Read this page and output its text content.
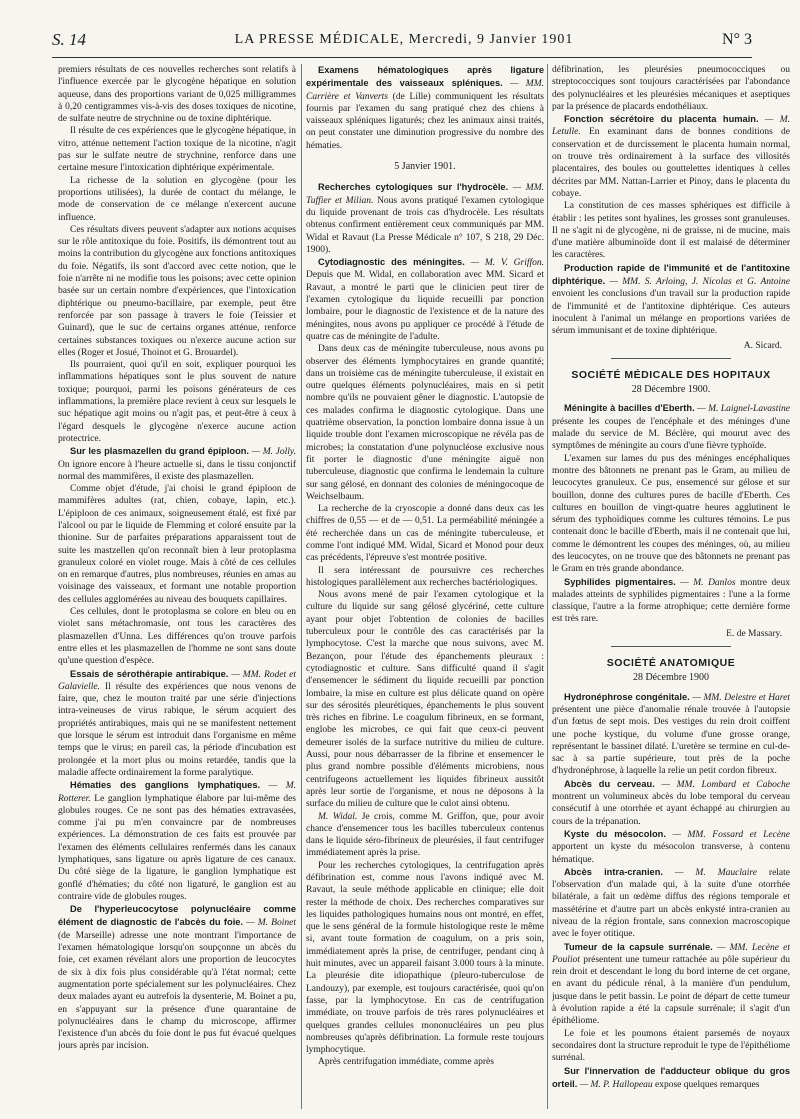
S. 14	LA PRESSE MÉDICALE, Mercredi, 9 Janvier 1901	N° 3

premiers résultats de ces nouvelles recherches sont relatifs à l'influence exercée par le glycogène hépatique en solution aqueuse, dans des proportions variant de 0,025 milligrammes à 0,20 centigrammes vis-à-vis des doses toxiques de nicotine, de sulfate neutre de strychnine ou de toxine diphtérique.

Il résulte de ces expériences que le glycogène hépatique, in vitro, atténue nettement l'action toxique de la nicotine, n'agit pas sur le sulfate neutre de strychnine, renforce dans une certaine mesure l'intoxication diphtérique expérimentale.

La richesse de la solution en glycogène (pour les proportions utilisées), la durée de contact du mélange, le mode de conservation de ce mélange n'exercent aucune influence.

Ces résultats divers peuvent s'adapter aux notions acquises sur le rôle antitoxique du foie. Positifs, ils démontrent tout au moins la contribution du glycogène aux fonctions antitoxiques du foie. Négatifs, ils sont d'accord avec cette notion, que le foie n'arrête ni ne modifie tous les poisons; avec cette opinion basée sur un certain nombre d'expériences, que l'intoxication diphtérique ou pneumo-bacillaire, par exemple, peut être renforcée par son passage à travers le foie (Teissier et Guinard), que le suc de certains organes atténue, renforce certaines substances toxiques ou n'exerce aucune action sur elles (Roger et Josué, Thoinot et G. Brouardel).

Ils pourraient, quoi qu'il en soit, expliquer pourquoi les inflammations hépatiques sont le plus souvent de nature toxique; pourquoi, parmi les poisons générateurs de ces inflammations, la première place revient à ceux sur lesquels le suc hépatique agit moins ou n'agit pas, et peut-être à ceux à l'égard desquels le glycogène n'exerce aucune action protectrice.

Sur les plasmazellen du grand épiploon. — M. Jolly. On ignore encore à l'heure actuelle si, dans le tissu conjonctif normal des mammifères, il existe des plasmazellen.

Comme objet d'étude, j'ai choisi le grand épiploon de mammifères adultes (rat, chien, cobaye, lapin, etc.). L'épiploon de ces animaux, soigneusement étalé, est fixé par l'alcool ou par le liquide de Flemming et coloré ensuite par la thionine. Sur de parfaites préparations apparaissent tout de suite les mastzellen qu'on reconnaît bien à leur protoplasma granuleux coloré en violet rouge. Mais à côté de ces cellules on en remarque d'autres, plus nombreuses, réunies en amas au voisinage des vaisseaux, et formant une notable proportion des cellules agglomérées au niveau des bouquets capillaires.

Ces cellules, dont le protoplasma se colore en bleu ou en violet sans métachromasie, ont tous les caractères des plasmazellen d'Unna. Les différences qu'on trouve parfois entre elles et les plasmazellen de l'homme ne sont sans doute qu'une question d'espèce.

Essais de sérothérapie antirabique. — MM. Rodet et Galavielle. Il résulte des expériences que nous venons de faire, que, chez le mouton traité par une série d'injections intra-veineuses de virus rabique, le sérum acquiert des propriétés antirabiques, mais qui ne se manifestent nettement que lorsque le sérum est introduit dans l'organisme en même temps que le virus; en pareil cas, la période d'incubation est prolongée et la mort plus ou moins retardée, tandis que la maladie affecte ordinairement la forme paralytique.

Hématies des ganglions lymphatiques. — M. Rotterer. Le ganglion lymphatique élabore par lui-même des globules rouges. Ce ne sont pas des hématies extravasées, comme j'ai pu m'en convaincre par de nombreuses expériences. La démonstration de ces faits est prouvée par l'examen des éléments cellulaires renfermés dans les canaux lymphatiques, sans ligature ou après ligature de ces canaux. Du côté siège de la ligature, le ganglion lymphatique est gonflé d'hématies; du côté non ligaturé, le ganglion est au contraire vide de globules rouges.

De l'hyperleucocytose polynucléaire comme élément de diagnostic de l'abcès du foie. — M. Boinet (de Marseille) adresse une note montrant l'importance de l'examen hématologique lorsqu'on soupçonne un abcès du foie, cet examen révélant alors une proportion de leucocytes de six à dix fois plus considérable qu'à l'état normal; cette augmentation porte spécialement sur les polynucléaires. Chez deux malades ayant eu autrefois la dysenterie, M. Boinet a pu, en s'appuyant sur la présence d'une quarantaine de polynucléaires dans le champ du microscope, affirmer l'existence d'un abcès du foie dont le pus fut évacué quelques jours après par incision.

Examens hématologiques après ligature expérimentale des vaisseaux spléniques. — MM. Carrière et Vanverts (de Lille) communiquent les résultats fournis par l'examen du sang pratiqué chez des chiens à vaisseaux spléniques ligaturés; chez les animaux ainsi traités, on peut constater une diminution progressive du nombre des hématies.

5 Janvier 1901.

Recherches cytologiques sur l'hydrocèle. — MM. Tuffier et Milian. Nous avons pratiqué l'examen cytologique du liquide provenant de trois cas d'hydrocèle. Les résultats obtenus confirment entièrement ceux communiqués par MM. Widal et Ravaut (La Presse Médicale n° 107, S 218, 29 Déc. 1900).

Cytodiagnostic des méningites. — M. V. Griffon. Depuis que M. Widal, en collaboration avec MM. Sicard et Ravaut, a montré le parti que le clinicien peut tirer de l'examen cytologique du liquide recueilli par ponction lombaire, pour le diagnostic de l'existence et de la nature des méningites, nous avons pu appliquer ce procédé à l'étude de quatre cas de méningite de l'adulte.

Dans deux cas de méningite tuberculeuse, nous avons pu observer des éléments lymphocytaires en grande quantité; dans un troisième cas de méningite tuberculeuse, il existait en outre quelques éléments polynucléaires, mais en si petit nombre qu'ils ne pouvaient gêner le diagnostic. L'autopsie de ces malades confirma le diagnostic cytologique. Dans une quatrième observation, la ponction lombaire donna issue à un liquide trouble dont l'examen microscopique ne révéla pas de microbes; la constatation d'une polynucléose exclusive nous fit porter le diagnostic d'une méningite aiguë non tuberculeuse, diagnostic que confirma le lendemain la culture sur sang gélosé, en donnant des colonies de méningocoque de Weichselbaum.

La recherche de la cryoscopie a donné dans deux cas les chiffres de 0,55 — et de — 0,51. La perméabilité méningée a été recherchée dans un cas de méningite tuberculeuse, et comme l'ont indiqué MM. Widal, Sicard et Monod pour deux cas précédents, l'épreuve s'est montrée positive.

Il sera intéressant de poursuivre ces recherches histologiques parallèlement aux recherches bactériologiques.

Nous avons mené de pair l'examen cytologique et la culture du liquide sur sang gélosé glycériné, cette culture ayant pour objet l'obtention de colonies de bacilles tuberculeux pour le contrôle des cas caractérisés par la lymphocytose. C'est la marche que nous suivons, avec M. Bezançon, pour l'étude des épanchements pleuraux : cytodiagnostic et culture. Sans difficulté quand il s'agit d'ensemencer le sédiment du liquide recueilli par ponction lombaire, la mise en culture est plus délicate quand on opère sur des sérosités pleurétiques, épanchements le plus souvent très riches en fibrine. Le coagulum fibrineux, en se formant, englobe les microbes, ce qui fait que ceux-ci peuvent demeurer isolés de la surface nutritive du milieu de culture. Aussi, pour nous débarrasser de la fibrine et ensemencer le plus grand nombre possible d'éléments microbiens, nous centrifugeons actuellement les liquides fibrineux aussitôt après leur sortie de l'organisme, et nous ne déposons à la surface du milieu de culture que le culot ainsi obtenu.

M. Widal. Je crois, comme M. Griffon, que, pour avoir chance d'ensemencer tous les bacilles tuberculeux contenus dans le liquide séro-fibrineux de pleurésies, il faut centrifuger immédiatement après la prise.

Pour les recherches cytologiques, la centrifugation après défibrination est, comme nous l'avons indiqué avec M. Ravaut, la seule méthode applicable en clinique; elle doit rester la méthode de choix. Des recherches comparatives sur les liquides pathologiques humains nous ont montré, en effet, que le sens général de la formule histologique reste le même si, avant toute formation de coagulum, on a pris soin, immédiatement après la prise, de centrifuger, pendant cinq à huit minutes, avec un appareil faisant 3.000 tours à la minute. La pleurésie dite idiopathique (pleuro-tuberculose de Landouzy), par exemple, est toujours caractérisée, quoi qu'on fasse, par la lymphocytose. En cas de centrifugation immédiate, on trouve parfois de très rares polynucléaires et quelques grandes cellules mononucléaires un peu plus nombreuses qu'après défibrination. La formule reste toujours lymphocytique.

Après centrifugation immédiate, comme après

défibrination, les pleurésies pneumococciques ou streptococciques sont toujours caractérisées par l'abondance des polynucléaires et les pleurésies mécaniques et aseptiques par la présence de placards endothéliaux.

Fonction sécrétoire du placenta humain. — M. Letulle. En examinant dans de bonnes conditions de conservation et de durcissement le placenta humain normal, on trouve très ordinairement à la surface des villosités placentaires, des boules ou gouttelettes identiques à celles décrites par MM. Nattan-Larrier et Pinoy, dans le placenta du cobaye.

La constitution de ces masses sphériques est difficile à établir : les petites sont hyalines, les grosses sont granuleuses. Il ne s'agit ni de glycogène, ni de graisse, ni de mucine, mais d'une matière albuminoïde dont il est malaisé de déterminer les caractères.

Production rapide de l'immunité et de l'antitoxine diphtérique. — MM. S. Arloing, J. Nicolas et G. Antoine envoient les conclusions d'un travail sur la production rapide de l'immunité et de l'antitoxine diphtérique. Ces auteurs inoculent à l'animal un mélange en proportions variées de sérum immunisant et de toxine diphtérique.

A. Sicard.

SOCIÉTÉ MÉDICALE DES HOPITAUX

28 Décembre 1900.

Méningite à bacilles d'Eberth. — M. Laignel-Lavastine présente les coupes de l'encéphale et des méninges d'une malade du service de M. Béclère, qui mourut avec des symptômes de méningite au cours d'une fièvre typhoïde.

L'examen sur lames du pus des méninges encéphaliques montre des bâtonnets ne prenant pas le Gram, au milieu de leucocytes granuleux. Ce pus, ensemencé sur gélose et sur bouillon, donne des cultures pures de bacille d'Eberth. Ces cultures en bouillon de vingt-quatre heures agglutinent le sérum des typhoïdiques comme les cultures témoins. Le pus contenait donc le bacille d'Eberth, mais il ne contenait que lui, comme le démontrent les coupes des méninges, où, au milieu des leucocytes, on ne trouve que des bâtonnets ne prenant pas le Gram en très grande abondance.

Syphilides pigmentaires. — M. Danlos montre deux malades atteints de syphilides pigmentaires : l'une a la forme classique, l'autre a la forme atrophique; cette dernière forme est très rare.

E. de Massary.

SOCIÉTÉ ANATOMIQUE

28 Décembre 1900

Hydronéphrose congénitale. — MM. Delestre et Haret présentent une pièce d'anomalie rénale trouvée à l'autopsie d'un fœtus de sept mois. Des vestiges du rein droit coiffent une poche kystique, du volume d'une grosse orange, représentant le bassinet dilaté. L'uretère se termine en cul-de-sac à sa partie supérieure, tout près de la poche d'hydronéphrose, à laquelle la relie un petit cordon fibreux.

Abcès du cerveau. — MM. Lombard et Caboche montrent un volumineux abcès du lobe temporal du cerveau consécutif à une otorrhée et ayant échappé au chirurgien au cours de la trépanation.

Kyste du mésocolon. — MM. Fossard et Lecène apportent un kyste du mésocolon transverse, à contenu hématique.

Abcès intra-cranien. — M. Mauclaire relate l'observation d'un malade qui, à la suite d'une otorrhée bilatérale, a fait un œdème diffus des régions temporale et massétérine et d'autre part un abcès enkysté intra-cranien au niveau de la région frontale, sans connexion macroscopique avec le foyer otitique.

Tumeur de la capsule surrénale. — MM. Lecène et Pouliot présentent une tumeur rattachée au pôle supérieur du rein droit et descendant le long du bord interne de cet organe, en avant du pédicule rénal, à la manière d'un pendulum, jusque dans le petit bassin. Le point de départ de cette tumeur à évolution rapide a été la capsule surrénale; il s'agit d'un épithéliome.

Le foie et les poumons étaient parsemés de noyaux secondaires dont la structure reproduit le type de l'épithéliome surrénal.

Sur l'innervation de l'adducteur oblique du gros orteil. — M. P. Hallopeau expose quelques remarques
